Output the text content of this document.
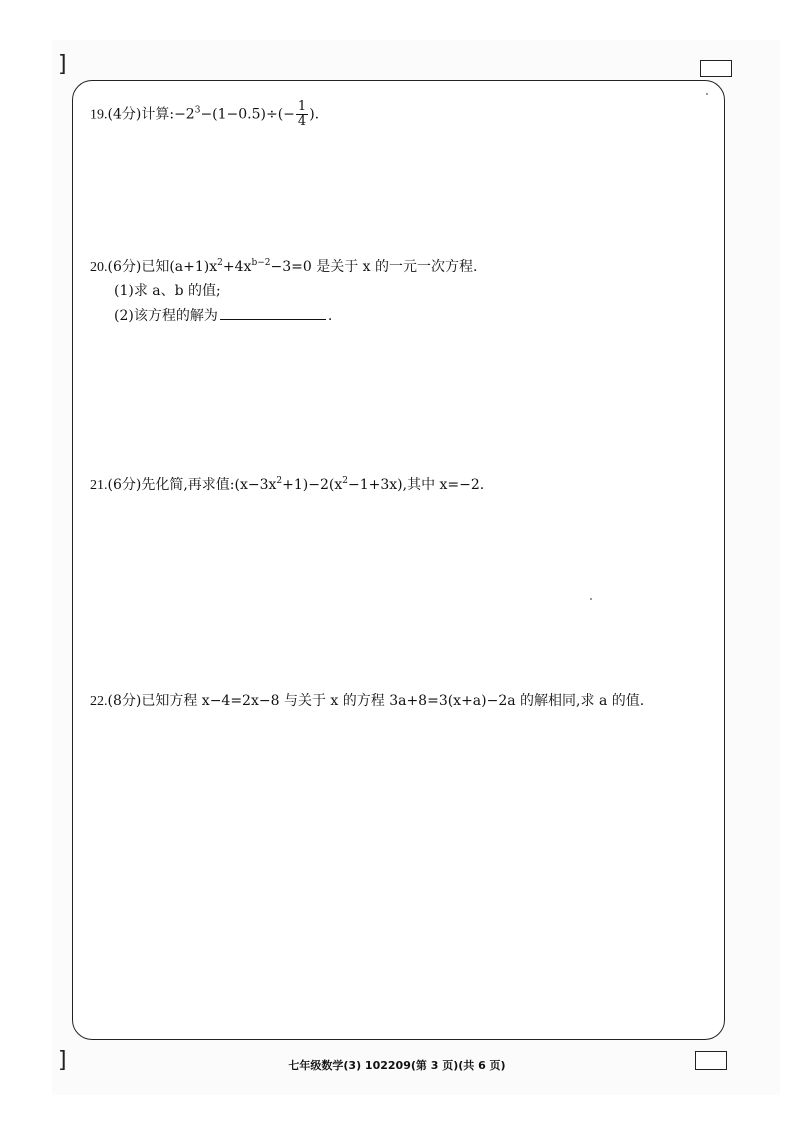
]
19.(4分)计算$:-2^3-(1-0.5)\div(- \frac{1}{4}$ ).
20.(6分)已知$(a+1)x^2+4x^{b-2}-3=0$ 是关于 x 的一元一次方程.
(1)求 a、b 的值;
(2)该方程的解为	.
21.(6分)先化简,再求值$:(x-3x^2+1)-2(x^2-1+3x)$,其中 x=−2.
22.(8分)已知方程 x−4=2x−8 与关于 x 的方程 3a+8=3(x+a)−2a 的解相同,求 a 的值.
]	七年级数学(3) 102209(第 3 页)(共 6 页)
